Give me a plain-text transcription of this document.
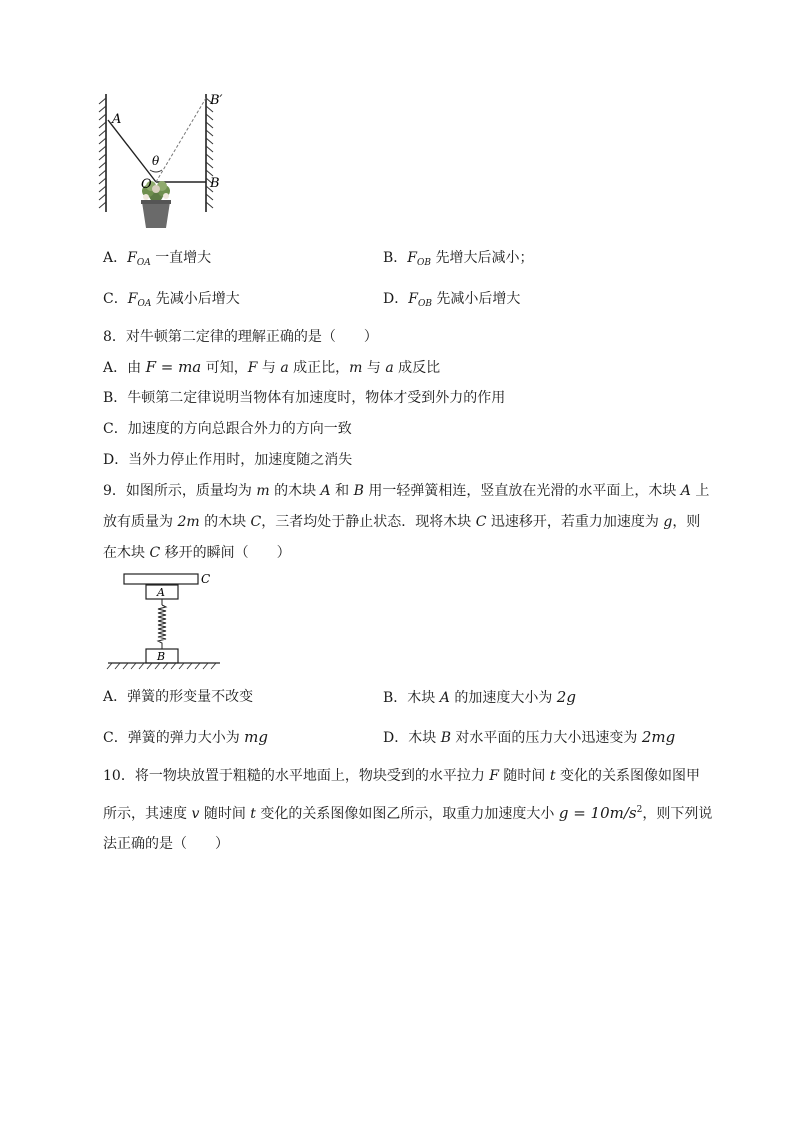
A
B′
θ
O	B
A．$F_{OA}$ 一直增大	B．$F_{OB}$ 先增大后减小；
C．$F_{OA}$ 先减小后增大	D．$F_{OB}$ 先减小后增大
8．对牛顿第二定律的理解正确的是（　　）
A．由 F = ma 可知，F 与 a 成正比，m 与 a 成反比
B．牛顿第二定律说明当物体有加速度时，物体才受到外力的作用
C．加速度的方向总跟合外力的方向一致
D．当外力停止作用时，加速度随之消失
9．如图所示，质量均为 m 的木块 A 和 B 用一轻弹簧相连，竖直放在光滑的水平面上，木块 A 上
放有质量为 2m 的木块 C，三者均处于静止状态．现将木块 C 迅速移开，若重力加速度为 g，则
在木块 C 移开的瞬间（　　）
C
A
B
A．弹簧的形变量不改变	B．木块 A 的加速度大小为 2g
C．弹簧的弹力大小为 mg	D．木块 B 对水平面的压力大小迅速变为 2mg
10．将一物块放置于粗糙的水平地面上，物块受到的水平拉力 F 随时间 t 变化的关系图像如图甲
所示，其速度 v 随时间 t 变化的关系图像如图乙所示，取重力加速度大小 $g = 10m/s^2$，则下列说
法正确的是（　　）
